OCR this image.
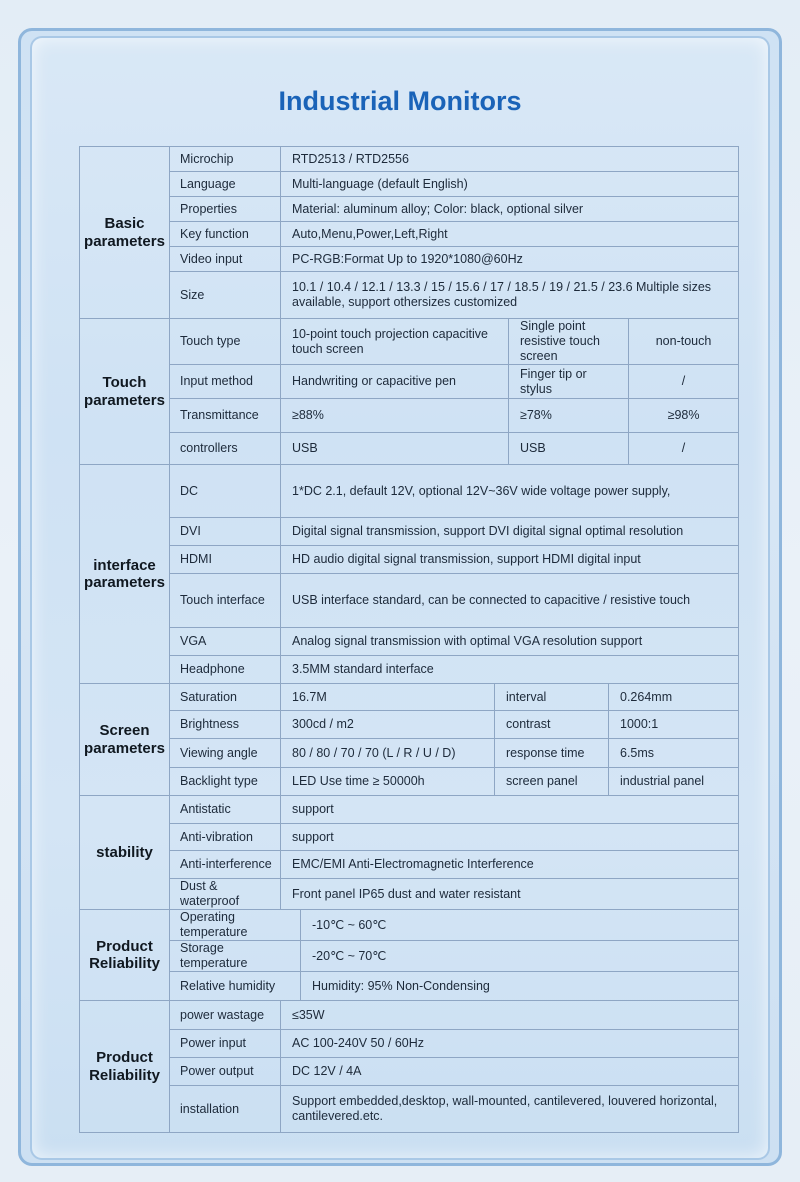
Industrial Monitors
Basic parameters	Microchip	RTD2513 / RTD2556					
	Language	Multi-language (default English)					
	Properties	Material: aluminum alloy; Color: black, optional silver					
	Key function	Auto,Menu,Power,Left,Right					
	Video input	PC-RGB:Format Up to 1920*1080@60Hz					
	Size	10.1 / 10.4 / 12.1 / 13.3 / 15 / 15.6 / 17 / 18.5 / 19 / 21.5 / 23.6 Multiple sizes available, support othersizes customized					
Touch parameters	Touch type	10-point touch projection capacitive touch screen			Single point resistive touch screen		non-touch
	Input method	Handwriting or capacitive pen			Finger tip or stylus		/
	Transmittance	≥88%			≥78%		≥98%
	controllers	USB			USB		/
interface parameters	DC	1*DC 2.1, default 12V, optional 12V~36V wide voltage power supply,					
	DVI	Digital signal transmission, support DVI digital signal optimal resolution					
	HDMI	HD audio digital signal transmission, support HDMI digital input					
	Touch interface	USB interface standard, can be connected to capacitive / resistive touch					
	VGA	Analog signal transmission with optimal VGA resolution support					
	Headphone	3.5MM standard interface					
Screen parameters	Saturation	16.7M		interval		0.264mm	
	Brightness	300cd / m2		contrast		1000:1	
	Viewing angle	80 / 80 / 70 / 70 (L / R / U / D)		response time		6.5ms	
	Backlight type	LED Use time ≥ 50000h		screen panel		industrial panel	
stability	Antistatic	support					
	Anti-vibration	support					
	Anti-interference	EMC/EMI Anti-Electromagnetic Interference					
	Dust & waterproof	Front panel IP65 dust and water resistant					
Product Reliability	Operating temperature		-10℃ ~ 60℃				
	Storage temperature		-20℃ ~ 70℃				
	Relative humidity		Humidity: 95% Non-Condensing				
Product Reliability	power wastage	≤35W					
	Power input	AC 100-240V 50 / 60Hz					
	Power output	DC 12V / 4A					
	installation	Support embedded,desktop, wall-mounted, cantilevered, louvered horizontal, cantilevered.etc.					
